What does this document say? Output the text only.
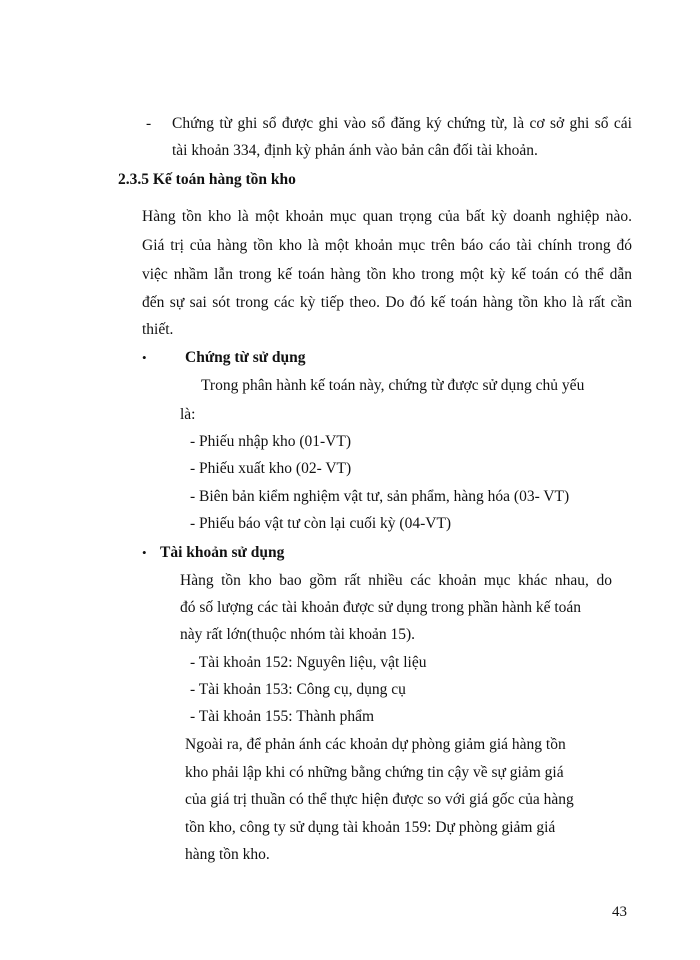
- Chứng từ ghi sổ được ghi vào sổ đăng ký chứng từ, là cơ sở ghi sổ cái
tài khoản 334, định kỳ phản ánh vào bản cân đối tài khoản.
2.3.5 Kế toán hàng tồn kho
Hàng tồn kho là một khoản mục quan trọng của bất kỳ doanh nghiệp nào.
Giá trị của hàng tồn kho là một khoản mục trên báo cáo tài chính trong đó
việc nhầm lẫn trong kế toán hàng tồn kho trong một kỳ kế toán có thể dẫn
đến sự sai sót trong các kỳ tiếp theo. Do đó kế toán hàng tồn kho là rất cần
thiết.
• Chứng từ sử dụng
Trong phân hành kế toán này, chứng từ được sử dụng chủ yếu
là:
- Phiếu nhập kho (01-VT)
- Phiếu xuất kho (02- VT)
- Biên bản kiểm nghiệm vật tư, sản phẩm, hàng hóa (03- VT)
- Phiếu báo vật tư còn lại cuối kỳ (04-VT)
• Tài khoản sử dụng
Hàng tồn kho bao gồm rất nhiều các khoản mục khác nhau, do
đó số lượng các tài khoản được sử dụng trong phần hành kế toán
này rất lớn(thuộc nhóm tài khoản 15).
- Tài khoản 152: Nguyên liệu, vật liệu
- Tài khoản 153: Công cụ, dụng cụ
- Tài khoản 155: Thành phẩm
Ngoài ra, để phản ánh các khoản dự phòng giảm giá hàng tồn
kho phải lập khi có những bằng chứng tin cậy về sự giảm giá
của giá trị thuần có thể thực hiện được so với giá gốc của hàng
tồn kho, công ty sử dụng tài khoản 159: Dự phòng giảm giá
hàng tồn kho.
43
